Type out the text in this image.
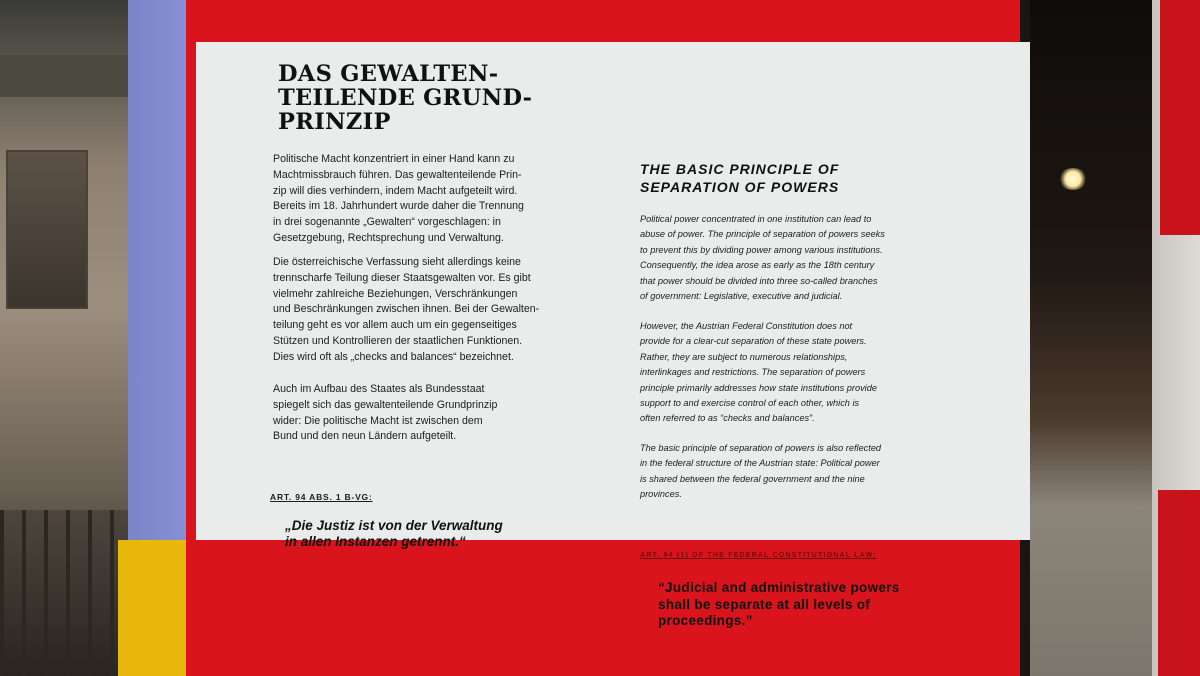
DAS GEWALTEN-
TEILENDE GRUND-
PRINZIP

Politische Macht konzentriert in einer Hand kann zu
Machtmissbrauch führen. Das gewaltenteilende Prin-
zip will dies verhindern, indem Macht aufgeteilt wird.
Bereits im 18. Jahrhundert wurde daher die Trennung
in drei sogenannte „Gewalten“ vorgeschlagen: in
Gesetzgebung, Rechtsprechung und Verwaltung.

Die österreichische Verfassung sieht allerdings keine
trennscharfe Teilung dieser Staatsgewalten vor. Es gibt
vielmehr zahlreiche Beziehungen, Verschränkungen
und Beschränkungen zwischen ihnen. Bei der Gewalten-
teilung geht es vor allem auch um ein gegenseitiges
Stützen und Kontrollieren der staatlichen Funktionen.
Dies wird oft als „checks and balances“ bezeichnet.

Auch im Aufbau des Staates als Bundesstaat
spiegelt sich das gewaltenteilende Grundprinzip
wider: Die politische Macht ist zwischen dem
Bund und den neun Ländern aufgeteilt.

ART. 94 ABS. 1 B-VG:

„Die Justiz ist von der Verwaltung
in allen Instanzen getrennt.“

THE BASIC PRINCIPLE OF
SEPARATION OF POWERS

Political power concentrated in one institution can lead to
abuse of power. The principle of separation of powers seeks
to prevent this by dividing power among various institutions.
Consequently, the idea arose as early as the 18th century
that power should be divided into three so-called branches
of government: Legislative, executive and judicial.

However, the Austrian Federal Constitution does not
provide for a clear-cut separation of these state powers.
Rather, they are subject to numerous relationships,
interlinkages and restrictions. The separation of powers
principle primarily addresses how state institutions provide
support to and exercise control of each other, which is
often referred to as “checks and balances”.

The basic principle of separation of powers is also reflected
in the federal structure of the Austrian state: Political power
is shared between the federal government and the nine
provinces.

ART. 94 (1) OF THE FEDERAL CONSTITUTIONAL LAW:

“Judicial and administrative powers
shall be separate at all levels of
proceedings.”
